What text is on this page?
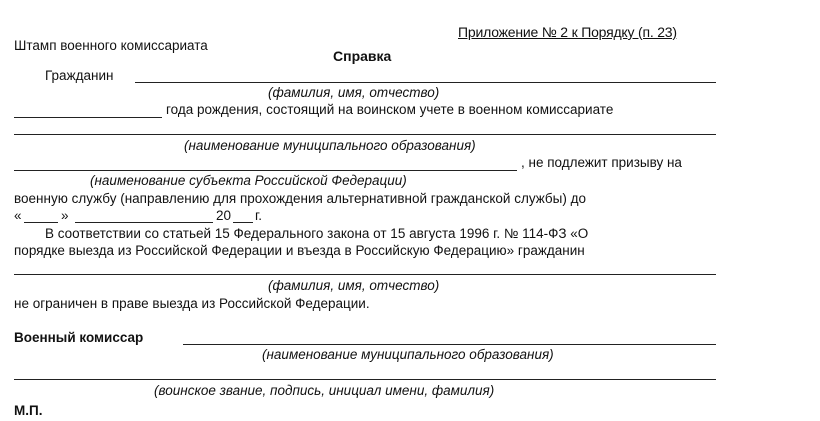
Приложение № 2 к Порядку (п. 23)
Штамп военного комиссариата
Справка
Гражданин
(фамилия, имя, отчество)
года рождения, состоящий на воинском учете в военном комиссариате
(наименование муниципального образования)
, не подлежит призыву на
(наименование субъекта Российской Федерации)
военную службу (направлению для прохождения альтернативной гражданской службы) до
«	»	20 г.
В соответствии со статьей 15 Федерального закона от 15 августа 1996 г. № 114-ФЗ «О
порядке выезда из Российской Федерации и въезда в Российскую Федерацию» гражданин
(фамилия, имя, отчество)
не ограничен в праве выезда из Российской Федерации.
Военный комиссар
(наименование муниципального образования)
(воинское звание, подпись, инициал имени, фамилия)
М.П.
